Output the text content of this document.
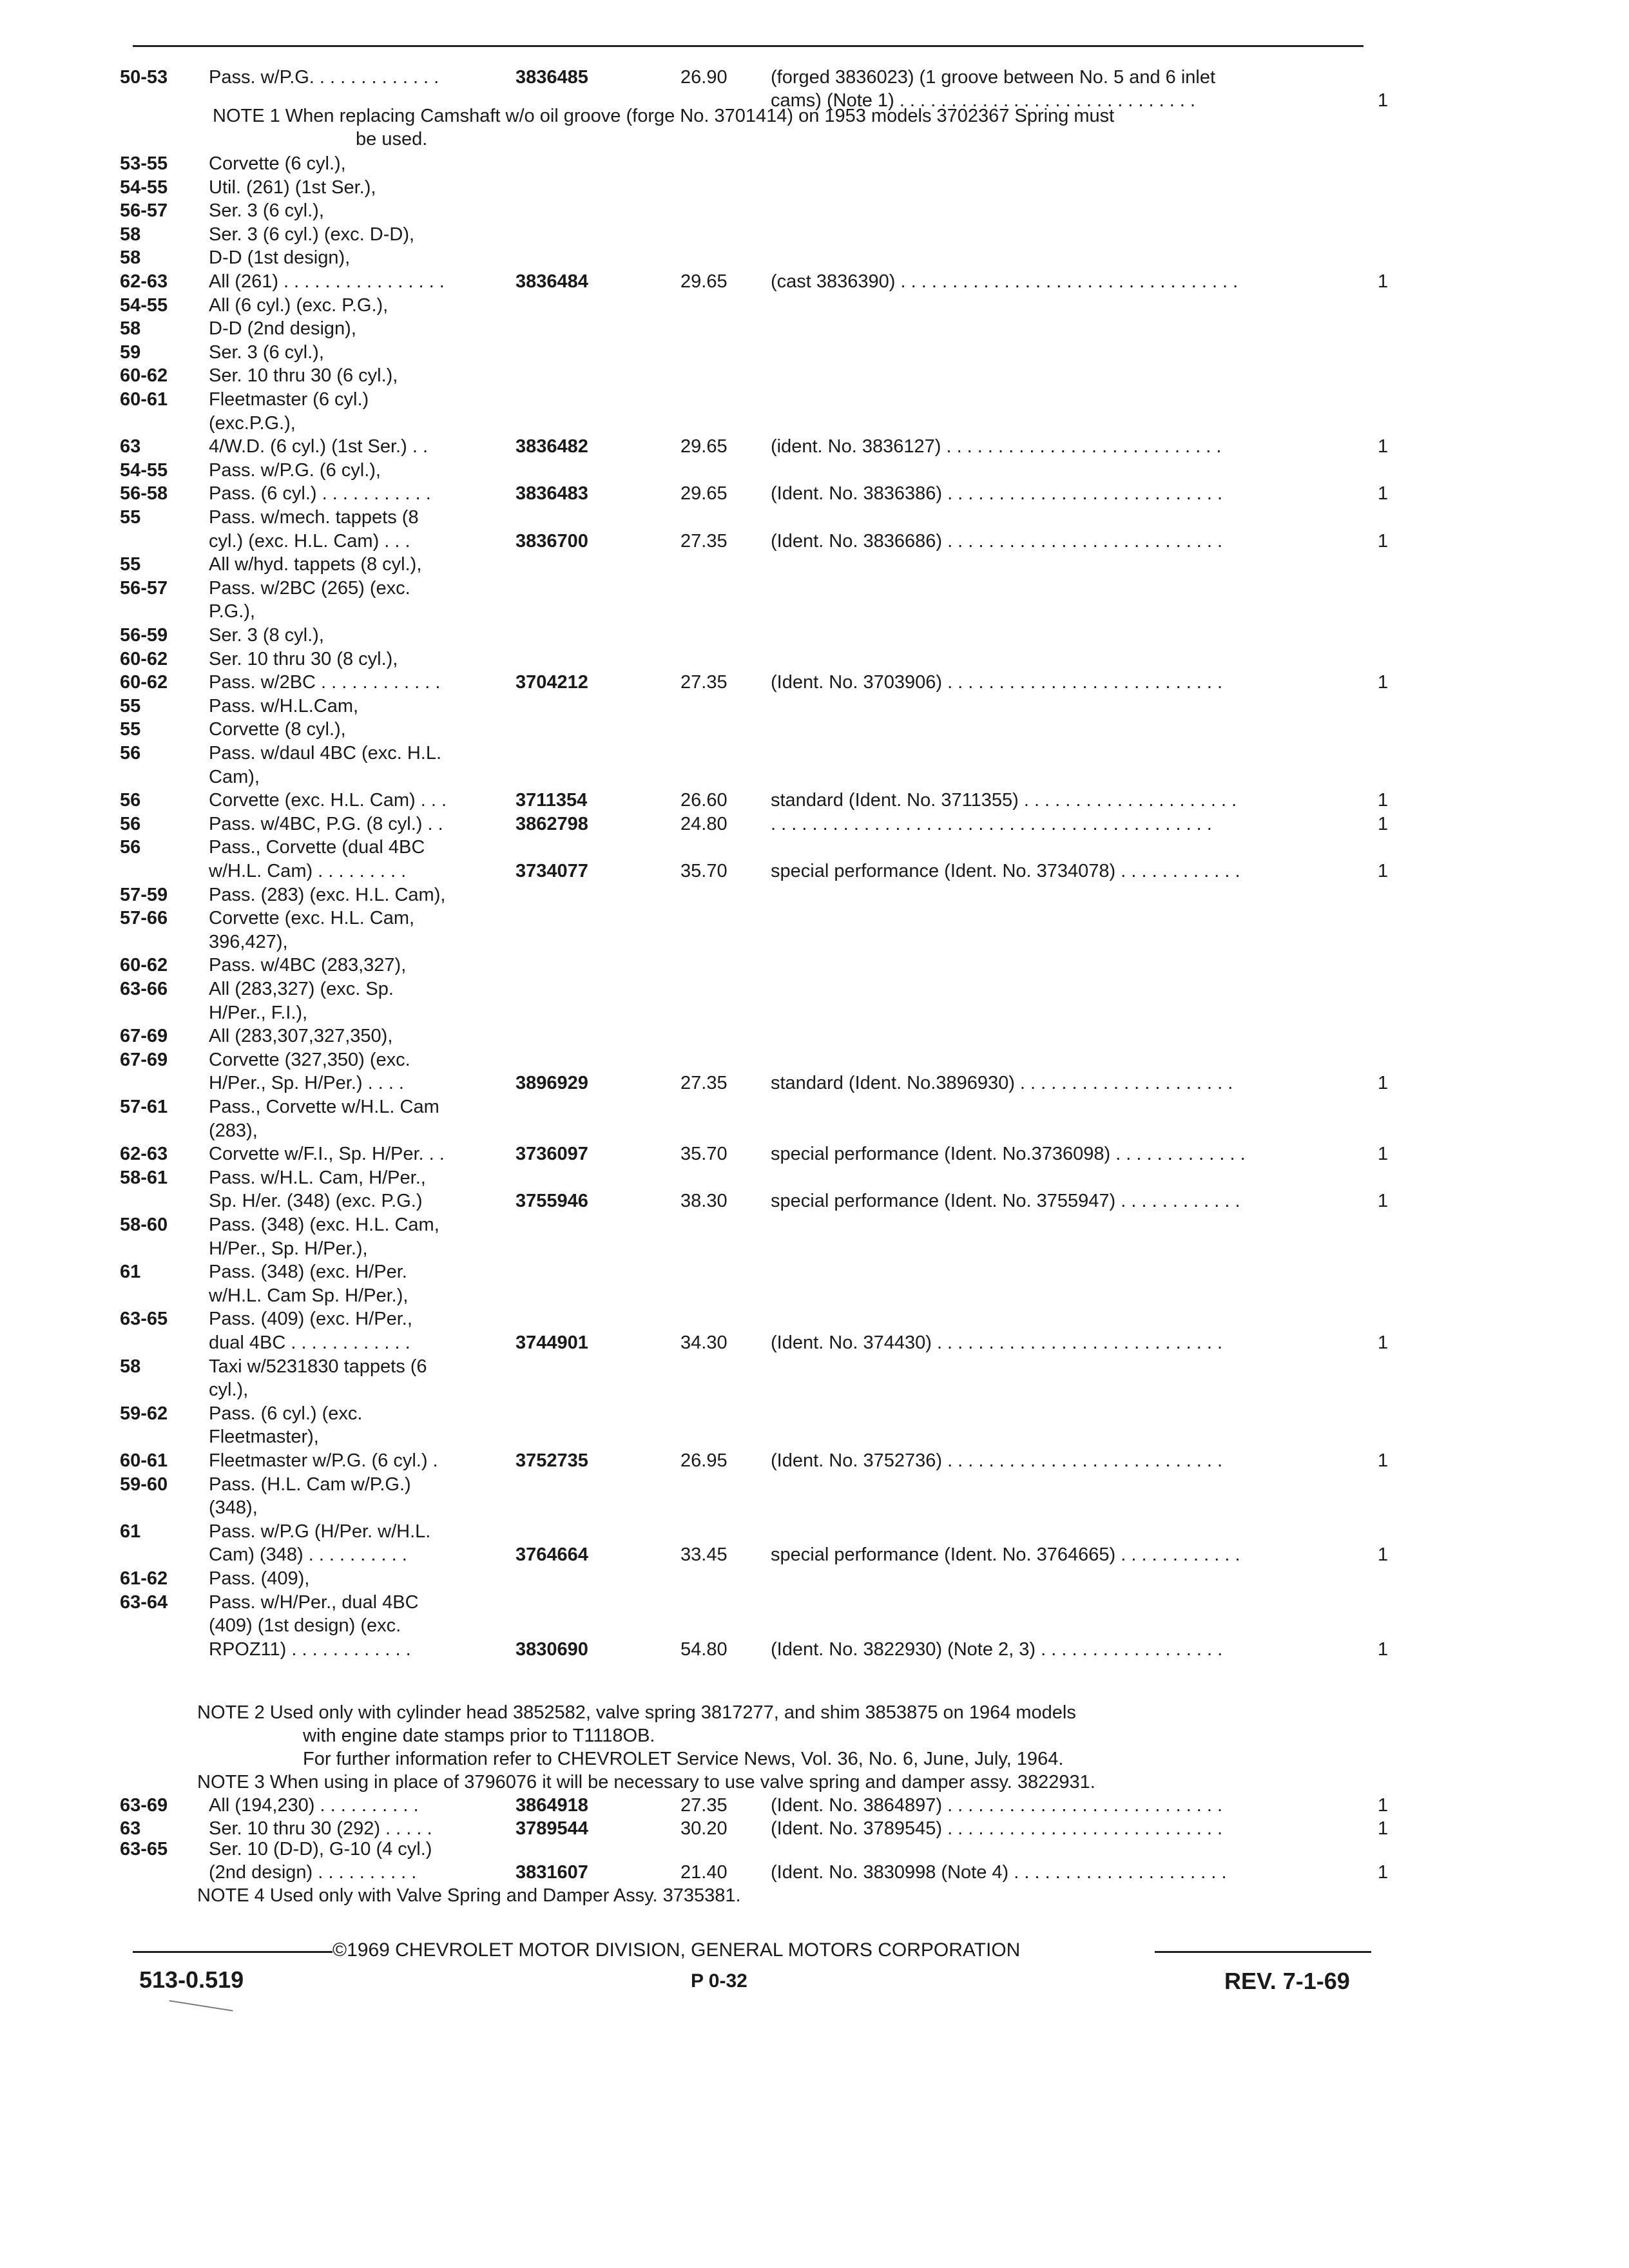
50-53 Pass. w/P.G. . . . . . . . . . . . .	3836485	26.90 (forged 3836023) (1 groove between No. 5 and 6 inlet
cams) (Note 1) . . . . . . . . . . . . . . . . . . . . . . . . . . . . .	1
53-55 Corvette (6 cyl.),
54-55 Util. (261) (1st Ser.),
56-57 Ser. 3 (6 cyl.),
58	Ser. 3 (6 cyl.) (exc. D-D),
58	D-D (1st design),
62-63 All (261) . . . . . . . . . . . . . . . .	3836484	29.65 (cast 3836390) . . . . . . . . . . . . . . . . . . . . . . . . . . . . . . . . .	1
54-55 All (6 cyl.) (exc. P.G.),
58	D-D (2nd design),
59	Ser. 3 (6 cyl.),
60-62 Ser. 10 thru 30 (6 cyl.),
60-61 Fleetmaster (6 cyl.)
(exc.P.G.),
63	4/W.D. (6 cyl.) (1st Ser.) . .	3836482	29.65 (ident. No. 3836127) . . . . . . . . . . . . . . . . . . . . . . . . . . .	1
54-55 Pass. w/P.G. (6 cyl.),
56-58 Pass. (6 cyl.) . . . . . . . . . . .	3836483	29.65 (Ident. No. 3836386) . . . . . . . . . . . . . . . . . . . . . . . . . . .	1
55	Pass. w/mech. tappets (8
cyl.) (exc. H.L. Cam) . . .	3836700	27.35 (Ident. No. 3836686) . . . . . . . . . . . . . . . . . . . . . . . . . . .	1
55	All w/hyd. tappets (8 cyl.),
56-57 Pass. w/2BC (265) (exc.
P.G.),
56-59 Ser. 3 (8 cyl.),
60-62 Ser. 10 thru 30 (8 cyl.),
60-62 Pass. w/2BC . . . . . . . . . . . .	3704212	27.35 (Ident. No. 3703906) . . . . . . . . . . . . . . . . . . . . . . . . . . .	1
55	Pass. w/H.L.Cam,
55	Corvette (8 cyl.),
56	Pass. w/daul 4BC (exc. H.L.
Cam),
56	Corvette (exc. H.L. Cam) . . .	3711354	26.60 standard (Ident. No. 3711355) . . . . . . . . . . . . . . . . . . . . .	1
56	Pass. w/4BC, P.G. (8 cyl.) . .	3862798	24.80 . . . . . . . . . . . . . . . . . . . . . . . . . . . . . . . . . . . . . . . . . . .	1
56	Pass., Corvette (dual 4BC
w/H.L. Cam) . . . . . . . . .	3734077	35.70 special performance (Ident. No. 3734078) . . . . . . . . . . . .	1
57-59 Pass. (283) (exc. H.L. Cam),
57-66 Corvette (exc. H.L. Cam,
396,427),
60-62 Pass. w/4BC (283,327),
63-66 All (283,327) (exc. Sp.
H/Per., F.I.),
67-69 All (283,307,327,350),
67-69 Corvette (327,350) (exc.
H/Per., Sp. H/Per.) . . . .	3896929	27.35 standard (Ident. No.3896930) . . . . . . . . . . . . . . . . . . . . .	1
57-61 Pass., Corvette w/H.L. Cam
(283),
62-63 Corvette w/F.I., Sp. H/Per. . .	3736097	35.70 special performance (Ident. No.3736098) . . . . . . . . . . . . .	1
58-61 Pass. w/H.L. Cam, H/Per.,
Sp. H/er. (348) (exc. P.G.)	3755946	38.30 special performance (Ident. No. 3755947) . . . . . . . . . . . .	1
58-60 Pass. (348) (exc. H.L. Cam,
H/Per., Sp. H/Per.),
61	Pass. (348) (exc. H/Per.
w/H.L. Cam Sp. H/Per.),
63-65 Pass. (409) (exc. H/Per.,
dual 4BC . . . . . . . . . . . .	3744901	34.30 (Ident. No. 374430) . . . . . . . . . . . . . . . . . . . . . . . . . . . .	1
58	Taxi w/5231830 tappets (6
cyl.),
59-62 Pass. (6 cyl.) (exc.
Fleetmaster),
60-61 Fleetmaster w/P.G. (6 cyl.) .	3752735	26.95 (Ident. No. 3752736) . . . . . . . . . . . . . . . . . . . . . . . . . . .	1
59-60 Pass. (H.L. Cam w/P.G.)
(348),
61	Pass. w/P.G (H/Per. w/H.L.
Cam) (348) . . . . . . . . . .	3764664	33.45 special performance (Ident. No. 3764665) . . . . . . . . . . . .	1
61-62 Pass. (409),
63-64 Pass. w/H/Per., dual 4BC
(409) (1st design) (exc.
RPOZ11) . . . . . . . . . . . .	3830690	54.80 (Ident. No. 3822930) (Note 2, 3) . . . . . . . . . . . . . . . . . .	1
NOTE 1 When replacing Camshaft w/o oil groove (forge No. 3701414) on 1953 models 3702367 Spring must
be used.
NOTE 2 Used only with cylinder head 3852582, valve spring 3817277, and shim 3853875 on 1964 models
with engine date stamps prior to T1118OB.
For further information refer to CHEVROLET Service News, Vol. 36, No. 6, June, July, 1964.
NOTE 3 When using in place of 3796076 it will be necessary to use valve spring and damper assy. 3822931.
63-69 All (194,230) . . . . . . . . . .	3864918	27.35 (Ident. No. 3864897) . . . . . . . . . . . . . . . . . . . . . . . . . . .	1
63	Ser. 10 thru 30 (292) . . . . .	3789544	30.20 (Ident. No. 3789545) . . . . . . . . . . . . . . . . . . . . . . . . . . .	1
63-65 Ser. 10 (D-D), G-10 (4 cyl.)
(2nd design) . . . . . . . . . .	3831607	21.40 (Ident. No. 3830998 (Note 4) . . . . . . . . . . . . . . . . . . . . .	1
NOTE 4 Used only with Valve Spring and Damper Assy. 3735381.
©1969 CHEVROLET MOTOR DIVISION, GENERAL MOTORS CORPORATION
513-0.519	P 0-32	REV. 7-1-69
